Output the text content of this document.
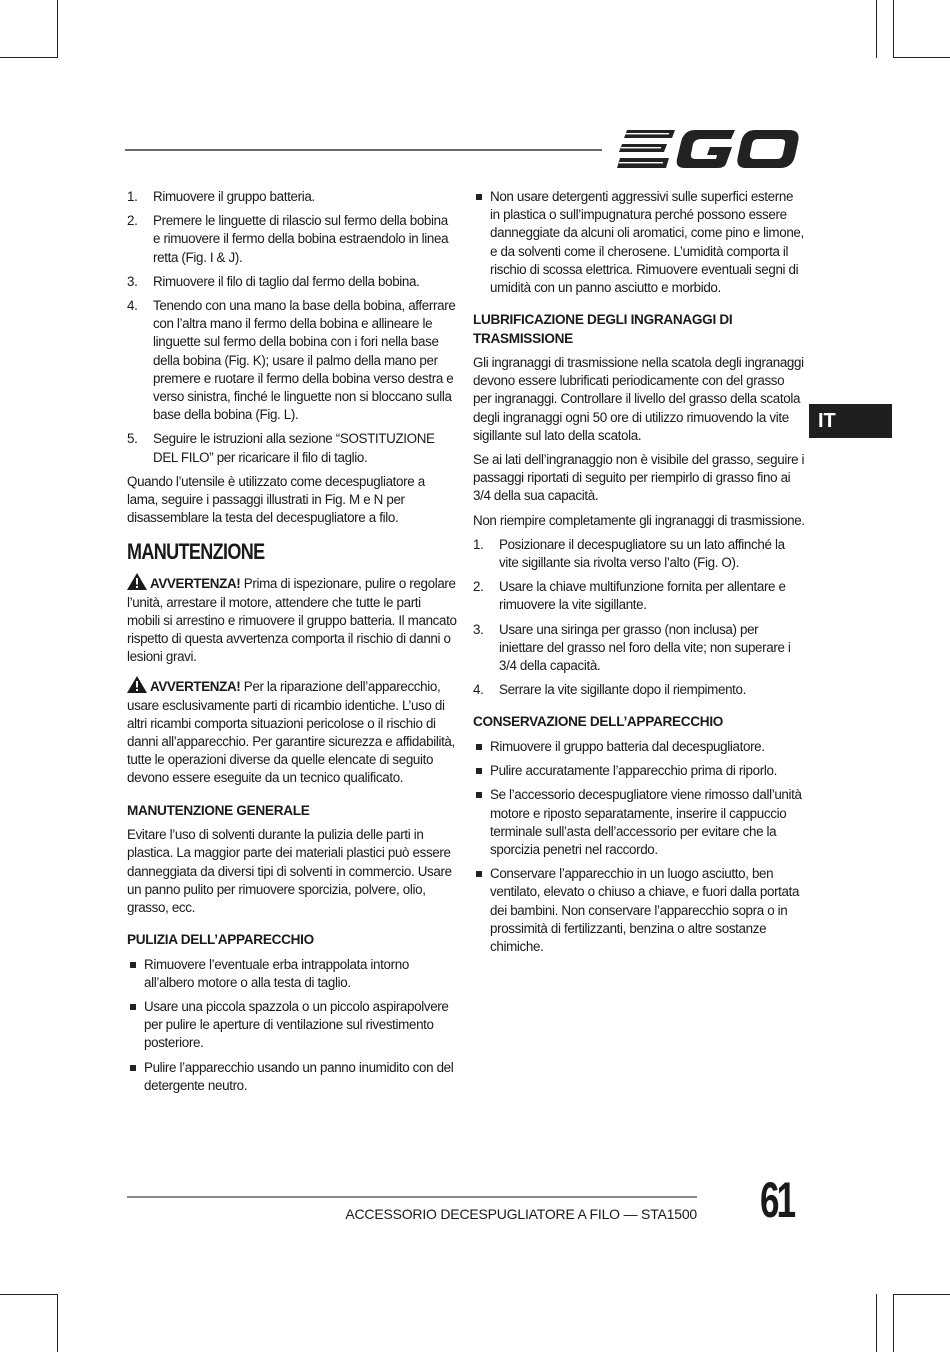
IT
1. Rimuovere il gruppo batteria.
2. Premere le linguette di rilascio sul fermo della bobina e rimuovere il fermo della bobina estraendolo in linea retta (Fig. I & J).
3. Rimuovere il filo di taglio dal fermo della bobina.
4. Tenendo con una mano la base della bobina, afferrare con l’altra mano il fermo della bobina e allineare le linguette sul fermo della bobina con i fori nella base della bobina (Fig. K); usare il palmo della mano per premere e ruotare il fermo della bobina verso destra e verso sinistra, finché le linguette non si bloccano sulla base della bobina (Fig. L).
5. Seguire le istruzioni alla sezione “SOSTITUZIONE DEL FILO” per ricaricare il filo di taglio.

Quando l’utensile è utilizzato come decespugliatore a lama, seguire i passaggi illustrati in Fig. M e N per disassemblare la testa del decespugliatore a filo.

MANUTENZIONE

AVVERTENZA! Prima di ispezionare, pulire o regolare l’unità, arrestare il motore, attendere che tutte le parti mobili si arrestino e rimuovere il gruppo batteria. Il mancato rispetto di questa avvertenza comporta il rischio di danni o lesioni gravi.

AVVERTENZA! Per la riparazione dell’apparecchio, usare esclusivamente parti di ricambio identiche. L’uso di altri ricambi comporta situazioni pericolose o il rischio di danni all’apparecchio. Per garantire sicurezza e affidabilità, tutte le operazioni diverse da quelle elencate di seguito devono essere eseguite da un tecnico qualificato.

MANUTENZIONE GENERALE

Evitare l’uso di solventi durante la pulizia delle parti in plastica. La maggior parte dei materiali plastici può essere danneggiata da diversi tipi di solventi in commercio. Usare un panno pulito per rimuovere sporcizia, polvere, olio, grasso, ecc.

PULIZIA DELL’APPARECCHIO
Rimuovere l’eventuale erba intrappolata intorno all’albero motore o alla testa di taglio.
Usare una piccola spazzola o un piccolo aspirapolvere per pulire le aperture di ventilazione sul rivestimento posteriore.
Pulire l’apparecchio usando un panno inumidito con del detergente neutro.
Non usare detergenti aggressivi sulle superfici esterne in plastica o sull’impugnatura perché possono essere danneggiate da alcuni oli aromatici, come pino e limone, e da solventi come il cherosene. L’umidità comporta il rischio di scossa elettrica. Rimuovere eventuali segni di umidità con un panno asciutto e morbido.
LUBRIFICAZIONE DEGLI INGRANAGGI DI TRASMISSIONE

Gli ingranaggi di trasmissione nella scatola degli ingranaggi devono essere lubrificati periodicamente con del grasso per ingranaggi. Controllare il livello del grasso della scatola degli ingranaggi ogni 50 ore di utilizzo rimuovendo la vite sigillante sul lato della scatola.

Se ai lati dell’ingranaggio non è visibile del grasso, seguire i passaggi riportati di seguito per riempirlo di grasso fino ai 3/4 della sua capacità.

Non riempire completamente gli ingranaggi di trasmissione.

1. Posizionare il decespugliatore su un lato affinché la vite sigillante sia rivolta verso l’alto (Fig. O).
2. Usare la chiave multifunzione fornita per allentare e rimuovere la vite sigillante.
3. Usare una siringa per grasso (non inclusa) per iniettare del grasso nel foro della vite; non superare i 3/4 della capacità.
4. Serrare la vite sigillante dopo il riempimento.
CONSERVAZIONE DELL’APPARECCHIO
Rimuovere il gruppo batteria dal decespugliatore.
Pulire accuratamente l’apparecchio prima di riporlo.
Se l’accessorio decespugliatore viene rimosso dall’unità motore e riposto separatamente, inserire il cappuccio terminale sull’asta dell’accessorio per evitare che la sporcizia penetri nel raccordo.
Conservare l’apparecchio in un luogo asciutto, ben ventilato, elevato o chiuso a chiave, e fuori dalla portata dei bambini. Non conservare l’apparecchio sopra o in prossimità di fertilizzanti, benzina o altre sostanze chimiche.
ACCESSORIO DECESPUGLIATORE A FILO — STA1500 61
